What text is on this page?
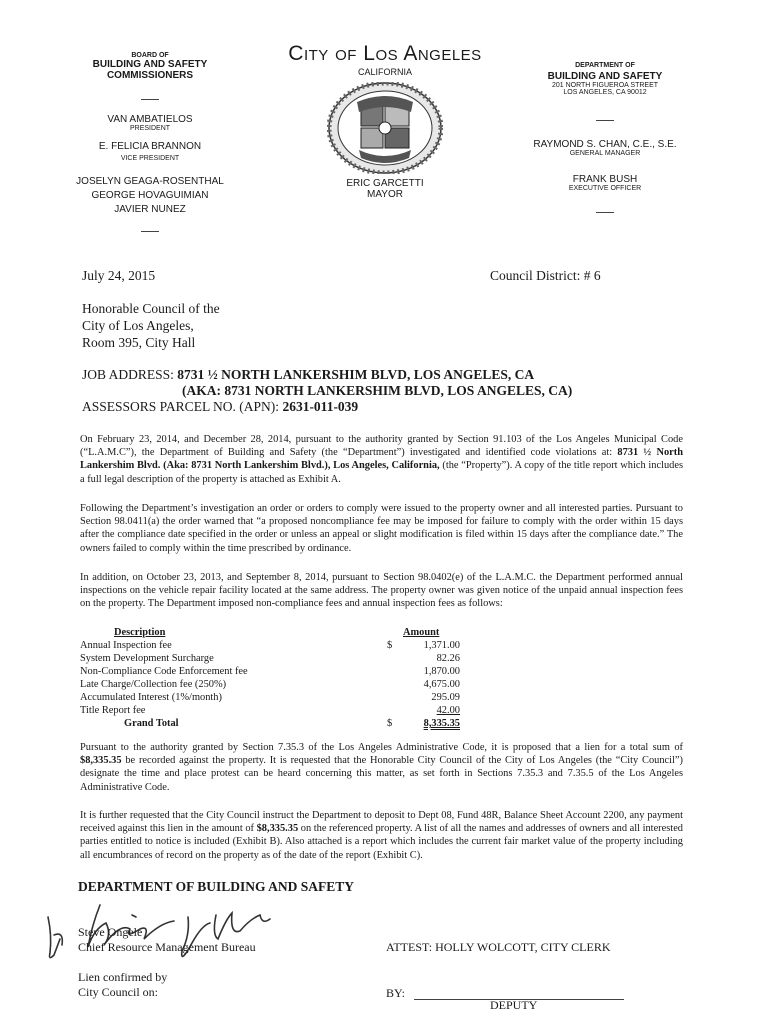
BOARD OF
BUILDING AND SAFETY
COMMISSIONERS
VAN AMBATIELOS
PRESIDENT
E. FELICIA BRANNON
VICE PRESIDENT
JOSELYN GEAGA-ROSENTHAL
GEORGE HOVAGUIMIAN
JAVIER NUNEZ
City of Los Angeles
CALIFORNIA
ERIC GARCETTI
MAYOR
DEPARTMENT OF
BUILDING AND SAFETY
201 NORTH FIGUEROA STREET
LOS ANGELES, CA 90012
RAYMOND S. CHAN, C.E., S.E.
GENERAL MANAGER
FRANK BUSH
EXECUTIVE OFFICER
July 24, 2015	Council District: # 6
Honorable Council of the
City of Los Angeles,
Room 395, City Hall
JOB ADDRESS: 8731 ½ NORTH LANKERSHIM BLVD, LOS ANGELES, CA
(AKA: 8731 NORTH LANKERSHIM BLVD, LOS ANGELES, CA)
ASSESSORS PARCEL NO. (APN): 2631-011-039
On February 23, 2014, and December 28, 2014, pursuant to the authority granted by Section 91.103 of the Los Angeles Municipal Code (“L.A.M.C”), the Department of Building and Safety (the “Department”) investigated and identified code violations at: 8731 ½ North Lankershim Blvd. (Aka: 8731 North Lankershim Blvd.), Los Angeles, California, (the “Property”). A copy of the title report which includes a full legal description of the property is attached as Exhibit A.
Following the Department’s investigation an order or orders to comply were issued to the property owner and all interested parties. Pursuant to Section 98.0411(a) the order warned that “a proposed noncompliance fee may be imposed for failure to comply with the order within 15 days after the compliance date specified in the order or unless an appeal or slight modification is filed within 15 days after the compliance date.” The owners failed to comply within the time prescribed by ordinance.
In addition, on October 23, 2013, and September 8, 2014, pursuant to Section 98.0402(e) of the L.A.M.C. the Department performed annual inspections on the vehicle repair facility located at the same address. The property owner was given notice of the unpaid annual inspection fees on the property. The Department imposed non-compliance fees and annual inspection fees as follows:
Description	Amount
Annual Inspection fee	$	1,371.00
System Development Surcharge	82.26
Non-Compliance Code Enforcement fee	1,870.00
Late Charge/Collection fee (250%)	4,675.00
Accumulated Interest (1%/month)	295.09
Title Report fee	42.00
Grand Total	$	8,335.35
Pursuant to the authority granted by Section 7.35.3 of the Los Angeles Administrative Code, it is proposed that a lien for a total sum of $8,335.35 be recorded against the property. It is requested that the Honorable City Council of the City of Los Angeles (the “City Council”) designate the time and place protest can be heard concerning this matter, as set forth in Sections 7.35.3 and 7.35.5 of the Los Angeles Administrative Code.
It is further requested that the City Council instruct the Department to deposit to Dept 08, Fund 48R, Balance Sheet Account 2200, any payment received against this lien in the amount of $8,335.35 on the referenced property. A list of all the names and addresses of owners and all interested parties entitled to notice is included (Exhibit B). Also attached is a report which includes the current fair market value of the property including all encumbrances of record on the property as of the date of the report (Exhibit C).
DEPARTMENT OF BUILDING AND SAFETY
Steve Ongele
Chief Resource Management Bureau	ATTEST: HOLLY WOLCOTT, CITY CLERK
Lien confirmed by
City Council on:	BY:
DEPUTY
